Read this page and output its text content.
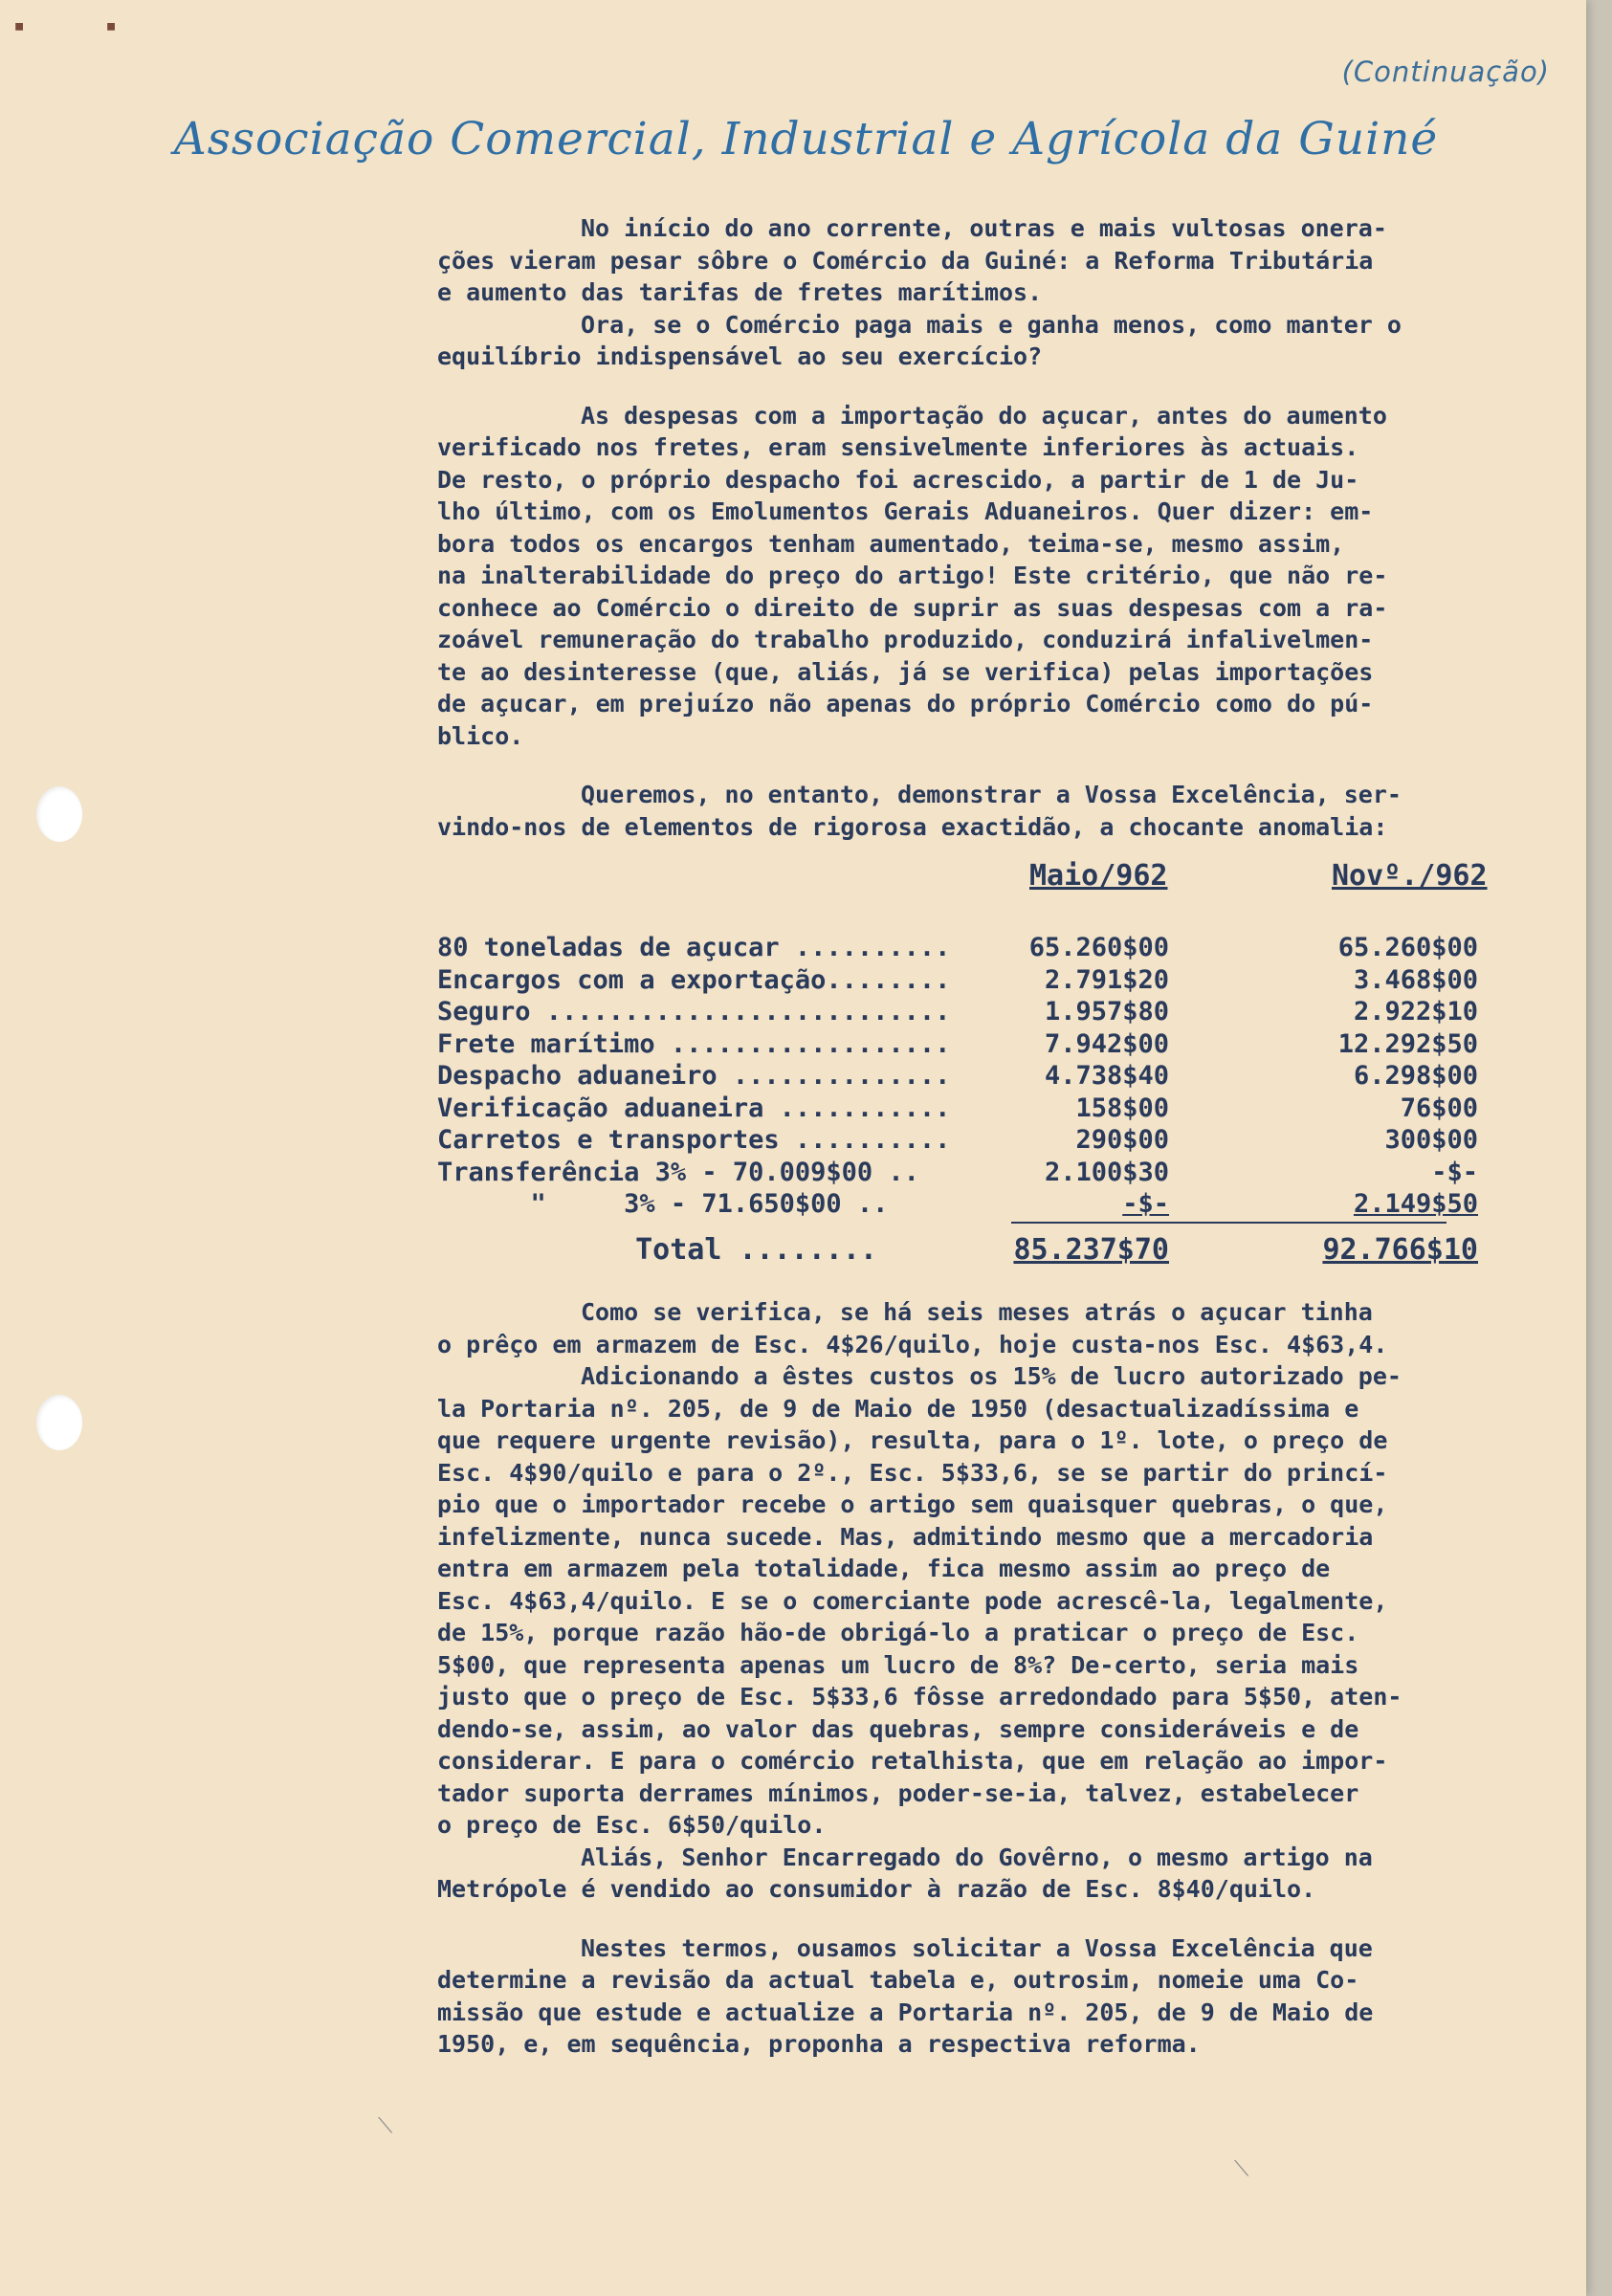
▪	▪
(Continuação)
Associação Comercial, Industrial e Agrícola da Guiné
No início do ano corrente, outras e mais vultosas onera-
ções vieram pesar sôbre o Comércio da Guiné: a Reforma Tributária
e aumento das tarifas de fretes marítimos.
Ora, se o Comércio paga mais e ganha menos, como manter o
equilíbrio indispensável ao seu exercício?
As despesas com a importação do açucar, antes do aumento
verificado nos fretes, eram sensivelmente inferiores às actuais.
De resto, o próprio despacho foi acrescido, a partir de 1 de Ju-
lho último, com os Emolumentos Gerais Aduaneiros. Quer dizer: em-
bora todos os encargos tenham aumentado, teima-se, mesmo assim,
na inalterabilidade do preço do artigo! Este critério, que não re-
conhece ao Comércio o direito de suprir as suas despesas com a ra-
zoável remuneração do trabalho produzido, conduzirá infalivelmen-
te ao desinteresse (que, aliás, já se verifica) pelas importações
de açucar, em prejuízo não apenas do próprio Comércio como do pú-
blico.
Queremos, no entanto, demonstrar a Vossa Excelência, ser-
vindo-nos de elementos de rigorosa exactidão, a chocante anomalia:
Maio/962	Novº./962
80 toneladas de açucar ..........	65.260$00	65.260$00
Encargos com a exportação........	2.791$20	3.468$00
Seguro ..........................	1.957$80	2.922$10
Frete marítimo ..................	7.942$00	12.292$50
Despacho aduaneiro ..............	4.738$40	6.298$00
Verificação aduaneira ...........	158$00	76$00
Carretos e transportes ..........	290$00	300$00
Transferência 3% - 70.009$00 ..	2.100$30	-$-
"     3% - 71.650$00 ..	-$-	2.149$50
Total ........	85.237$70	92.766$10
Como se verifica, se há seis meses atrás o açucar tinha
o prêço em armazem de Esc. 4$26/quilo, hoje custa-nos Esc. 4$63,4.
Adicionando a êstes custos os 15% de lucro autorizado pe-
la Portaria nº. 205, de 9 de Maio de 1950 (desactualizadíssima e
que requere urgente revisão), resulta, para o 1º. lote, o preço de
Esc. 4$90/quilo e para o 2º., Esc. 5$33,6, se se partir do princí-
pio que o importador recebe o artigo sem quaisquer quebras, o que,
infelizmente, nunca sucede. Mas, admitindo mesmo que a mercadoria
entra em armazem pela totalidade, fica mesmo assim ao preço de
Esc. 4$63,4/quilo. E se o comerciante pode acrescê-la, legalmente,
de 15%, porque razão hão-de obrigá-lo a praticar o preço de Esc.
5$00, que representa apenas um lucro de 8%? De-certo, seria mais
justo que o preço de Esc. 5$33,6 fôsse arredondado para 5$50, aten-
dendo-se, assim, ao valor das quebras, sempre consideráveis e de
considerar. E para o comércio retalhista, que em relação ao impor-
tador suporta derrames mínimos, poder-se-ia, talvez, estabelecer
o preço de Esc. 6$50/quilo.
Aliás, Senhor Encarregado do Govêrno, o mesmo artigo na
Metrópole é vendido ao consumidor à razão de Esc. 8$40/quilo.
Nestes termos, ousamos solicitar a Vossa Excelência que
determine a revisão da actual tabela e, outrosim, nomeie uma Co-
missão que estude e actualize a Portaria nº. 205, de 9 de Maio de
1950, e, em sequência, proponha a respectiva reforma.
⟍
⟍
